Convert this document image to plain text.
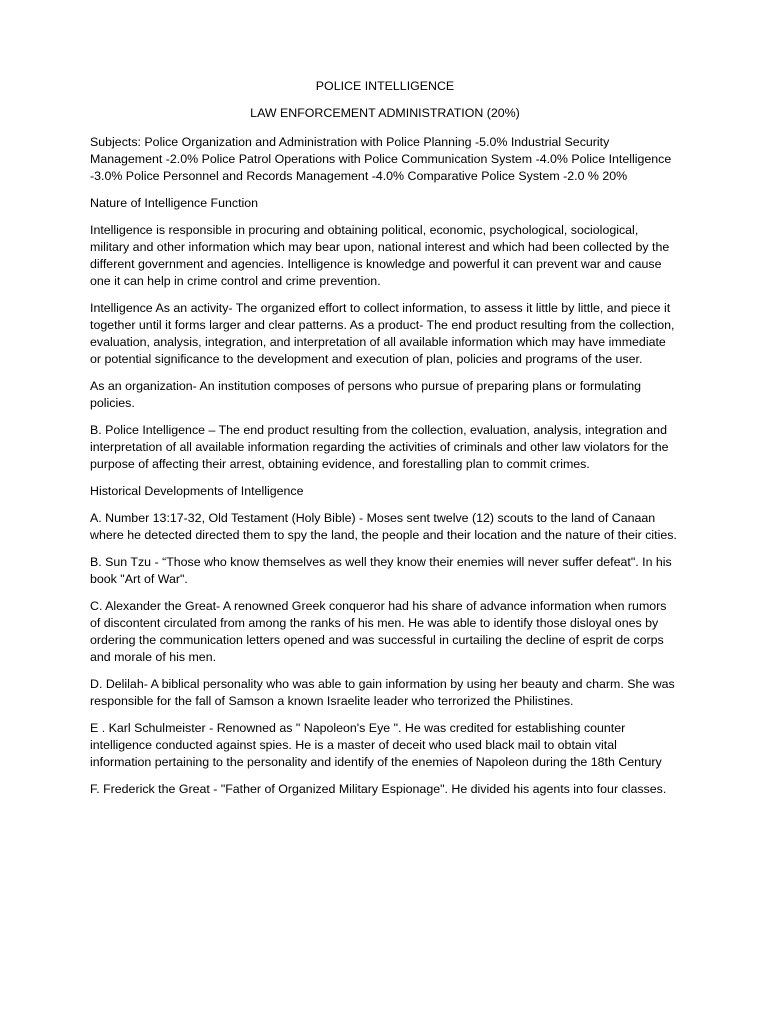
POLICE INTELLIGENCE

LAW ENFORCEMENT ADMINISTRATION (20%)

Subjects: Police Organization and Administration with Police Planning -5.0% Industrial Security Management -2.0% Police Patrol Operations with Police Communication System -4.0% Police Intelligence -3.0% Police Personnel and Records Management -4.0% Comparative Police System -2.0 % 20%

Nature of Intelligence Function

Intelligence is responsible in procuring and obtaining political, economic, psychological, sociological, military and other information which may bear upon, national interest and which had been collected by the different government and agencies. Intelligence is knowledge and powerful it can prevent war and cause one it can help in crime control and crime prevention.

Intelligence As an activity- The organized effort to collect information, to assess it little by little, and piece it together until it forms larger and clear patterns. As a product- The end product resulting from the collection, evaluation, analysis, integration, and interpretation of all available information which may have immediate or potential significance to the development and execution of plan, policies and programs of the user.

As an organization- An institution composes of persons who pursue of preparing plans or formulating policies.

B. Police Intelligence – The end product resulting from the collection, evaluation, analysis, integration and interpretation of all available information regarding the activities of criminals and other law violators for the purpose of affecting their arrest, obtaining evidence, and forestalling plan to commit crimes.

Historical Developments of Intelligence

A. Number 13:17-32, Old Testament (Holy Bible) - Moses sent twelve (12) scouts to the land of Canaan where he detected directed them to spy the land, the people and their location and the nature of their cities.

B. Sun Tzu - “Those who know themselves as well they know their enemies will never suffer defeat". In his book "Art of War".

C. Alexander the Great- A renowned Greek conqueror had his share of advance information when rumors of discontent circulated from among the ranks of his men. He was able to identify those disloyal ones by ordering the communication letters opened and was successful in curtailing the decline of esprit de corps and morale of his men.

D. Delilah- A biblical personality who was able to gain information by using her beauty and charm. She was responsible for the fall of Samson a known Israelite leader who terrorized the Philistines.

E . Karl Schulmeister - Renowned as " Napoleon's Eye ". He was credited for establishing counter intelligence conducted against spies. He is a master of deceit who used black mail to obtain vital information pertaining to the personality and identify of the enemies of Napoleon during the 18th Century

F. Frederick the Great - "Father of Organized Military Espionage". He divided his agents into four classes.
